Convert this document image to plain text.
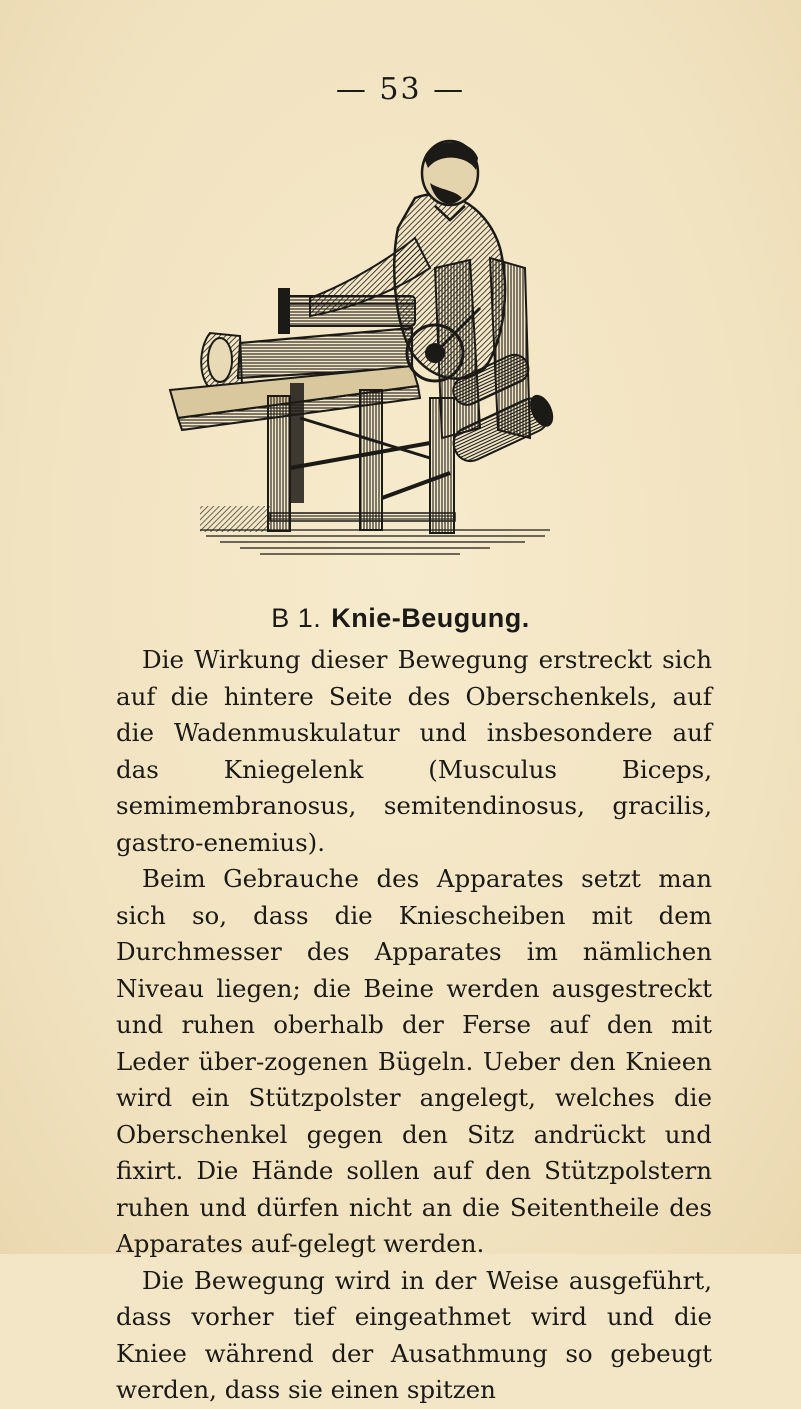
— 53 —
B 1. Knie-Beugung.

Die Wirkung dieser Bewegung erstreckt sich auf die hintere Seite des Oberschenkels, auf die Wadenmuskulatur und insbesondere auf das Kniegelenk (Musculus Biceps, semimembranosus, semitendinosus, gracilis, gastro-enemius).

Beim Gebrauche des Apparates setzt man sich so, dass die Kniescheiben mit dem Durchmesser des Apparates im nämlichen Niveau liegen; die Beine werden ausgestreckt und ruhen oberhalb der Ferse auf den mit Leder über-zogenen Bügeln. Ueber den Knieen wird ein Stützpolster angelegt, welches die Oberschenkel gegen den Sitz andrückt und fixirt. Die Hände sollen auf den Stützpolstern ruhen und dürfen nicht an die Seitentheile des Apparates auf-gelegt werden.

Die Bewegung wird in der Weise ausgeführt, dass vorher tief eingeathmet wird und die Kniee während der Ausathmung so gebeugt werden, dass sie einen spitzen
